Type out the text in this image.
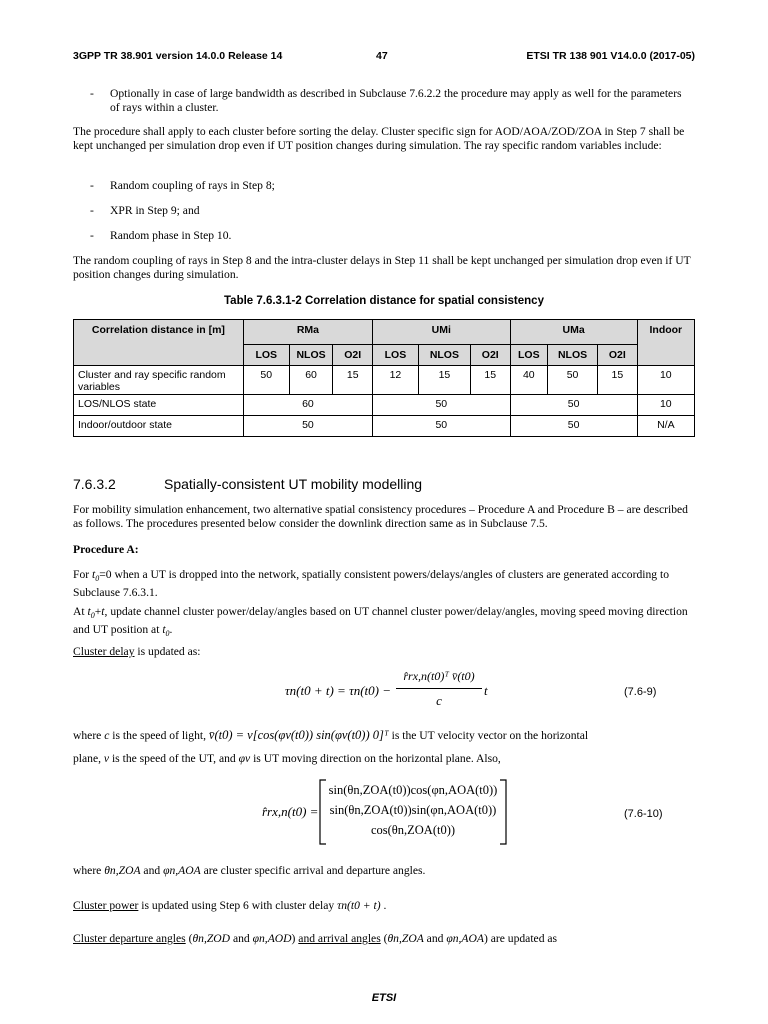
3GPP TR 38.901 version 14.0.0 Release 14	47	ETSI TR 138 901 V14.0.0 (2017-05)
- Optionally in case of large bandwidth as described in Subclause 7.6.2.2 the procedure may apply as well for the parameters of rays within a cluster.

The procedure shall apply to each cluster before sorting the delay. Cluster specific sign for AOD/AOA/ZOD/ZOA in Step 7 shall be kept unchanged per simulation drop even if UT position changes during simulation. The ray specific random variables include:

- Random coupling of rays in Step 8;
- XPR in Step 9; and
- Random phase in Step 10.

The random coupling of rays in Step 8 and the intra-cluster delays in Step 11 shall be kept unchanged per simulation drop even if UT position changes during simulation.

Table 7.6.3.1-2 Correlation distance for spatial consistency
Correlation distance in [m]	RMa			UMi			UMa			Indoor
	LOS	NLOS	O2I	LOS	NLOS	O2I	LOS	NLOS	O2I	
Cluster and ray specific random variables	50	60	15	12	15	15	40	50	15	10
LOS/NLOS state	60			50			50			10
Indoor/outdoor state	50			50			50			N/A
7.6.3.2	Spatially-consistent UT mobility modelling

For mobility simulation enhancement, two alternative spatial consistency procedures – Procedure A and Procedure B – are described as follows. The procedures presented below consider the downlink direction same as in Subclause 7.5.

Procedure A:

For $t_0=0$ when a UT is dropped into the network, spatially consistent powers/delays/angles of clusters are generated according to Subclause 7.6.3.1.

At $t_0+t$, update channel cluster power/delay/angles based on UT channel cluster power/delay/angles, moving speed moving direction and UT position at $t_0$.

Cluster delay is updated as:

τn(t0 + t) = τn(t0) −
r̂rx,n(t0)ᵀ v̄(t0)
c
t	(7.6-9)

where c is the speed of light, v̄(t0) = v[cos(φv(t0)) sin(φv(t0)) 0]ᵀ is the UT velocity vector on the horizontal

plane, v is the speed of the UT, and φv is UT moving direction on the horizontal plane. Also,

r̂rx,n(t0) =
sin(θn,ZOA(t0))cos(φn,AOA(t0))
sin(θn,ZOA(t0))sin(φn,AOA(t0))
cos(θn,ZOA(t0))
(7.6-10)

where θn,ZOA and φn,AOA are cluster specific arrival and departure angles.

Cluster power is updated using Step 6 with cluster delay τn(t0 + t) .

Cluster departure angles (θn,ZOD and φn,AOD) and arrival angles (θn,ZOA and φn,AOA) are updated as

ETSI
